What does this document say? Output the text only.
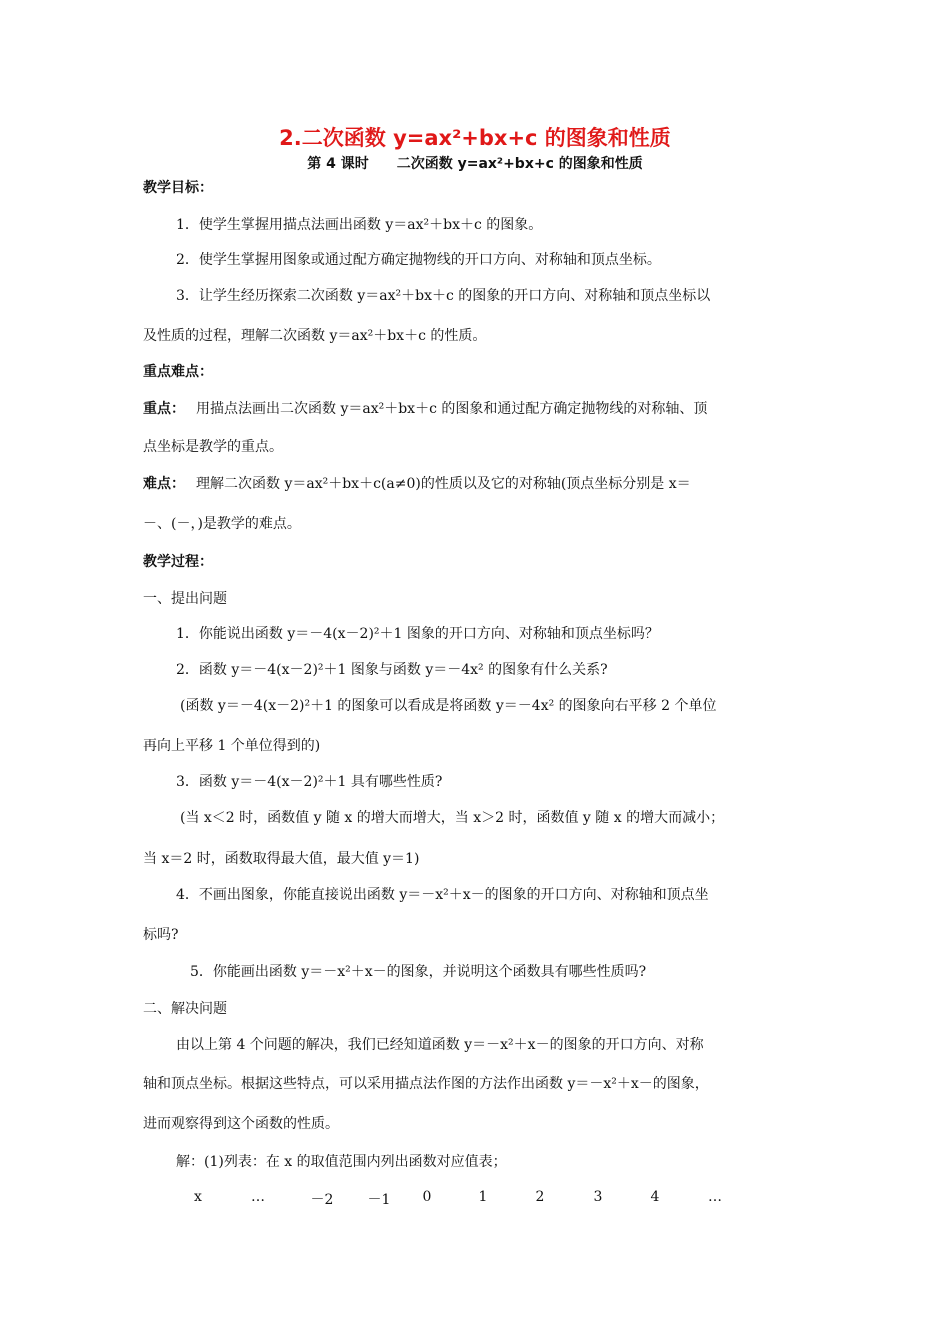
2.二次函数 y=ax²+bx+c 的图象和性质
第 4 课时　　二次函数 y=ax²+bx+c 的图象和性质
教学目标：
1．使学生掌握用描点法画出函数 y＝ax²＋bx＋c 的图象。
2．使学生掌握用图象或通过配方确定抛物线的开口方向、对称轴和顶点坐标。
3．让学生经历探索二次函数 y＝ax²＋bx＋c 的图象的开口方向、对称轴和顶点坐标以
及性质的过程，理解二次函数 y＝ax²＋bx＋c 的性质。
重点难点：
重点： 用描点法画出二次函数 y＝ax²＋bx＋c 的图象和通过配方确定抛物线的对称轴、顶
点坐标是教学的重点。
难点： 理解二次函数 y＝ax²＋bx＋c(a≠0)的性质以及它的对称轴(顶点坐标分别是 x＝
－、(－，)是教学的难点。
教学过程：
一、提出问题
1．你能说出函数 y＝－4(x－2)²＋1 图象的开口方向、对称轴和顶点坐标吗？
2．函数 y＝－4(x－2)²＋1 图象与函数 y＝－4x² 的图象有什么关系?
(函数 y＝－4(x－2)²＋1 的图象可以看成是将函数 y＝－4x² 的图象向右平移 2 个单位
再向上平移 1 个单位得到的)
3．函数 y＝－4(x－2)²＋1 具有哪些性质?
(当 x＜2 时，函数值 y 随 x 的增大而增大，当 x＞2 时，函数值 y 随 x 的增大而减小；
当 x＝2 时，函数取得最大值，最大值 y＝1)
4．不画出图象，你能直接说出函数 y＝－x²＋x－的图象的开口方向、对称轴和顶点坐
标吗?
5．你能画出函数 y＝－x²＋x－的图象，并说明这个函数具有哪些性质吗?
二、解决问题
由以上第 4 个问题的解决，我们已经知道函数 y＝－x²＋x－的图象的开口方向、对称
轴和顶点坐标。根据这些特点，可以采用描点法作图的方法作出函数 y＝－x²＋x－的图象，
进而观察得到这个函数的性质。
解：(1)列表：在 x 的取值范围内列出函数对应值表；
x	…	－2	－1	0	1	2	3	4	…
